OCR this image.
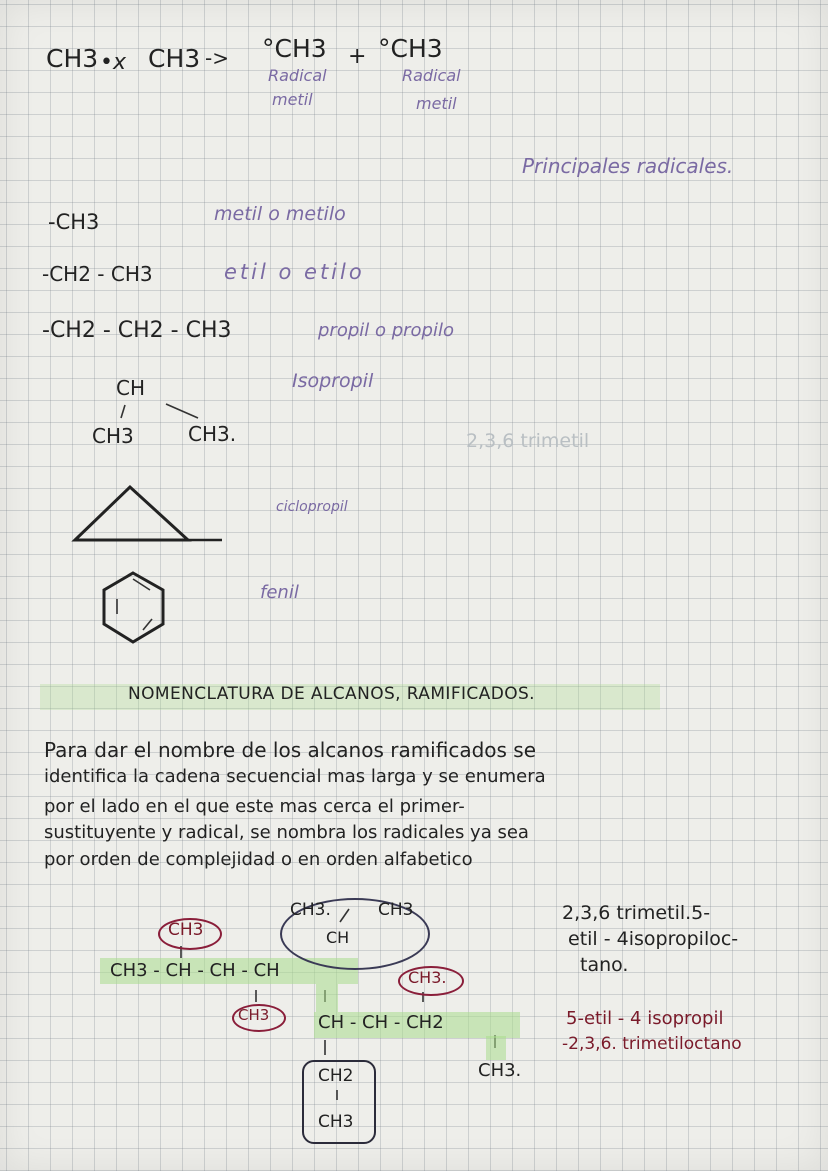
CH3 •x CH3 -> °CH3 + °CH3
Radical
metil
Radical
metil
Principales radicales.
-CH3	metil o metilo
-CH2 - CH3	etil o etilo
-CH2 - CH2 - CH3	propil o propilo
CH
CH3	CH3.
Isopropil
2,3,6 trimetil
ciclopropil
fenil
NOMENCLATURA DE ALCANOS, RAMIFICADOS.
Para dar el nombre de los alcanos ramificados se
identifica la cadena secuencial mas larga y se enumera
por el lado en el que este mas cerca el primer-
sustituyente y radical, se nombra los radicales ya sea
por orden de complejidad o en orden alfabetico
CH3
CH3.	CH3
CH
CH3 - CH - CH - CH	CH3.
CH3	CH - CH - CH2
CH3.
CH2
CH3
2,3,6 trimetil.5-
etil - 4isopropiloc-
tano.
5-etil - 4 isopropil
-2,3,6. trimetiloctano
